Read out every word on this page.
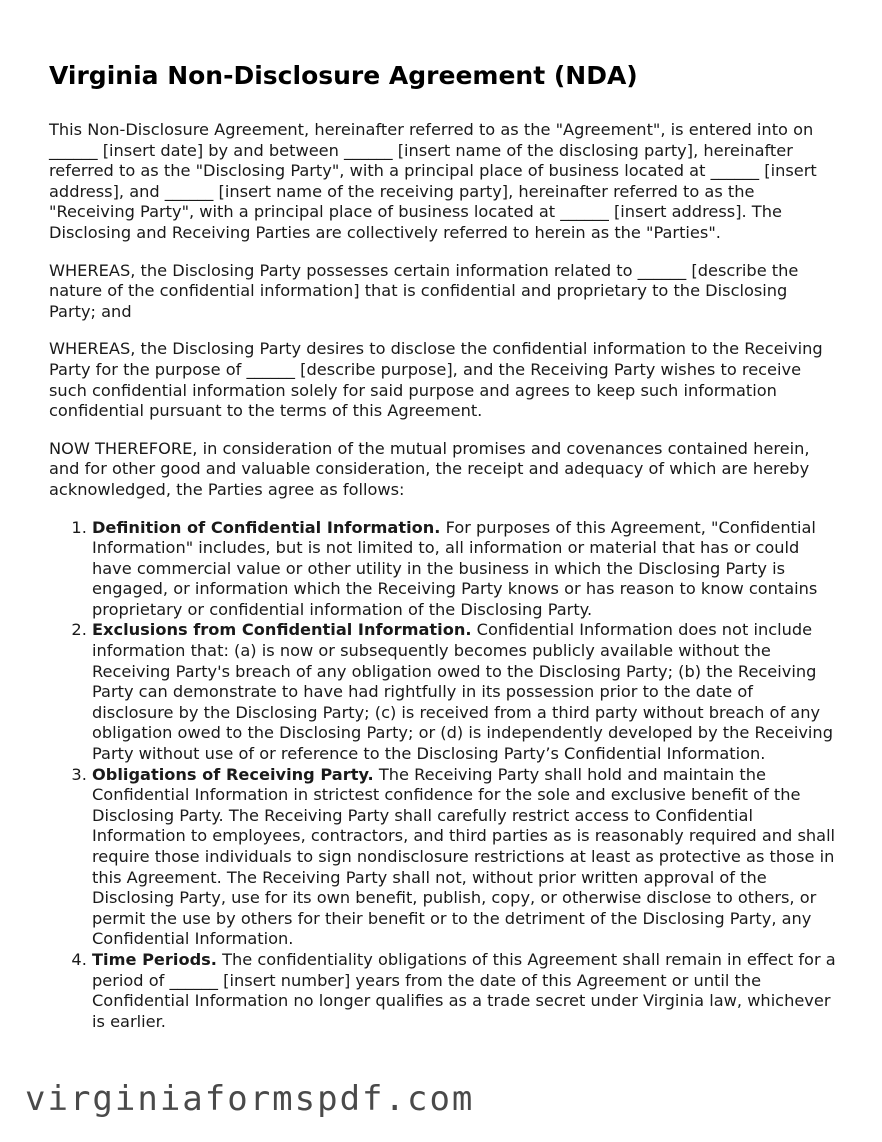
Virginia Non-Disclosure Agreement (NDA)

This Non-Disclosure Agreement, hereinafter referred to as the "Agreement", is entered into on ______ [insert date] by and between ______ [insert name of the disclosing party], hereinafter referred to as the "Disclosing Party", with a principal place of business located at ______ [insert address], and ______ [insert name of the receiving party], hereinafter referred to as the "Receiving Party", with a principal place of business located at ______ [insert address]. The Disclosing and Receiving Parties are collectively referred to herein as the "Parties".

WHEREAS, the Disclosing Party possesses certain information related to ______ [describe the nature of the confidential information] that is confidential and proprietary to the Disclosing Party; and

WHEREAS, the Disclosing Party desires to disclose the confidential information to the Receiving Party for the purpose of ______ [describe purpose], and the Receiving Party wishes to receive such confidential information solely for said purpose and agrees to keep such information confidential pursuant to the terms of this Agreement.

NOW THEREFORE, in consideration of the mutual promises and covenances contained herein, and for other good and valuable consideration, the receipt and adequacy of which are hereby acknowledged, the Parties agree as follows:

1. Definition of Confidential Information. For purposes of this Agreement, "Confidential Information" includes, but is not limited to, all information or material that has or could have commercial value or other utility in the business in which the Disclosing Party is engaged, or information which the Receiving Party knows or has reason to know contains proprietary or confidential information of the Disclosing Party.
2. Exclusions from Confidential Information. Confidential Information does not include information that: (a) is now or subsequently becomes publicly available without the Receiving Party's breach of any obligation owed to the Disclosing Party; (b) the Receiving Party can demonstrate to have had rightfully in its possession prior to the date of disclosure by the Disclosing Party; (c) is received from a third party without breach of any obligation owed to the Disclosing Party; or (d) is independently developed by the Receiving Party without use of or reference to the Disclosing Party’s Confidential Information.
3. Obligations of Receiving Party. The Receiving Party shall hold and maintain the Confidential Information in strictest confidence for the sole and exclusive benefit of the Disclosing Party. The Receiving Party shall carefully restrict access to Confidential Information to employees, contractors, and third parties as is reasonably required and shall require those individuals to sign nondisclosure restrictions at least as protective as those in this Agreement. The Receiving Party shall not, without prior written approval of the Disclosing Party, use for its own benefit, publish, copy, or otherwise disclose to others, or permit the use by others for their benefit or to the detriment of the Disclosing Party, any Confidential Information.
4. Time Periods. The confidentiality obligations of this Agreement shall remain in effect for a period of ______ [insert number] years from the date of this Agreement or until the Confidential Information no longer qualifies as a trade secret under Virginia law, whichever is earlier.
virginiaformspdf.com
